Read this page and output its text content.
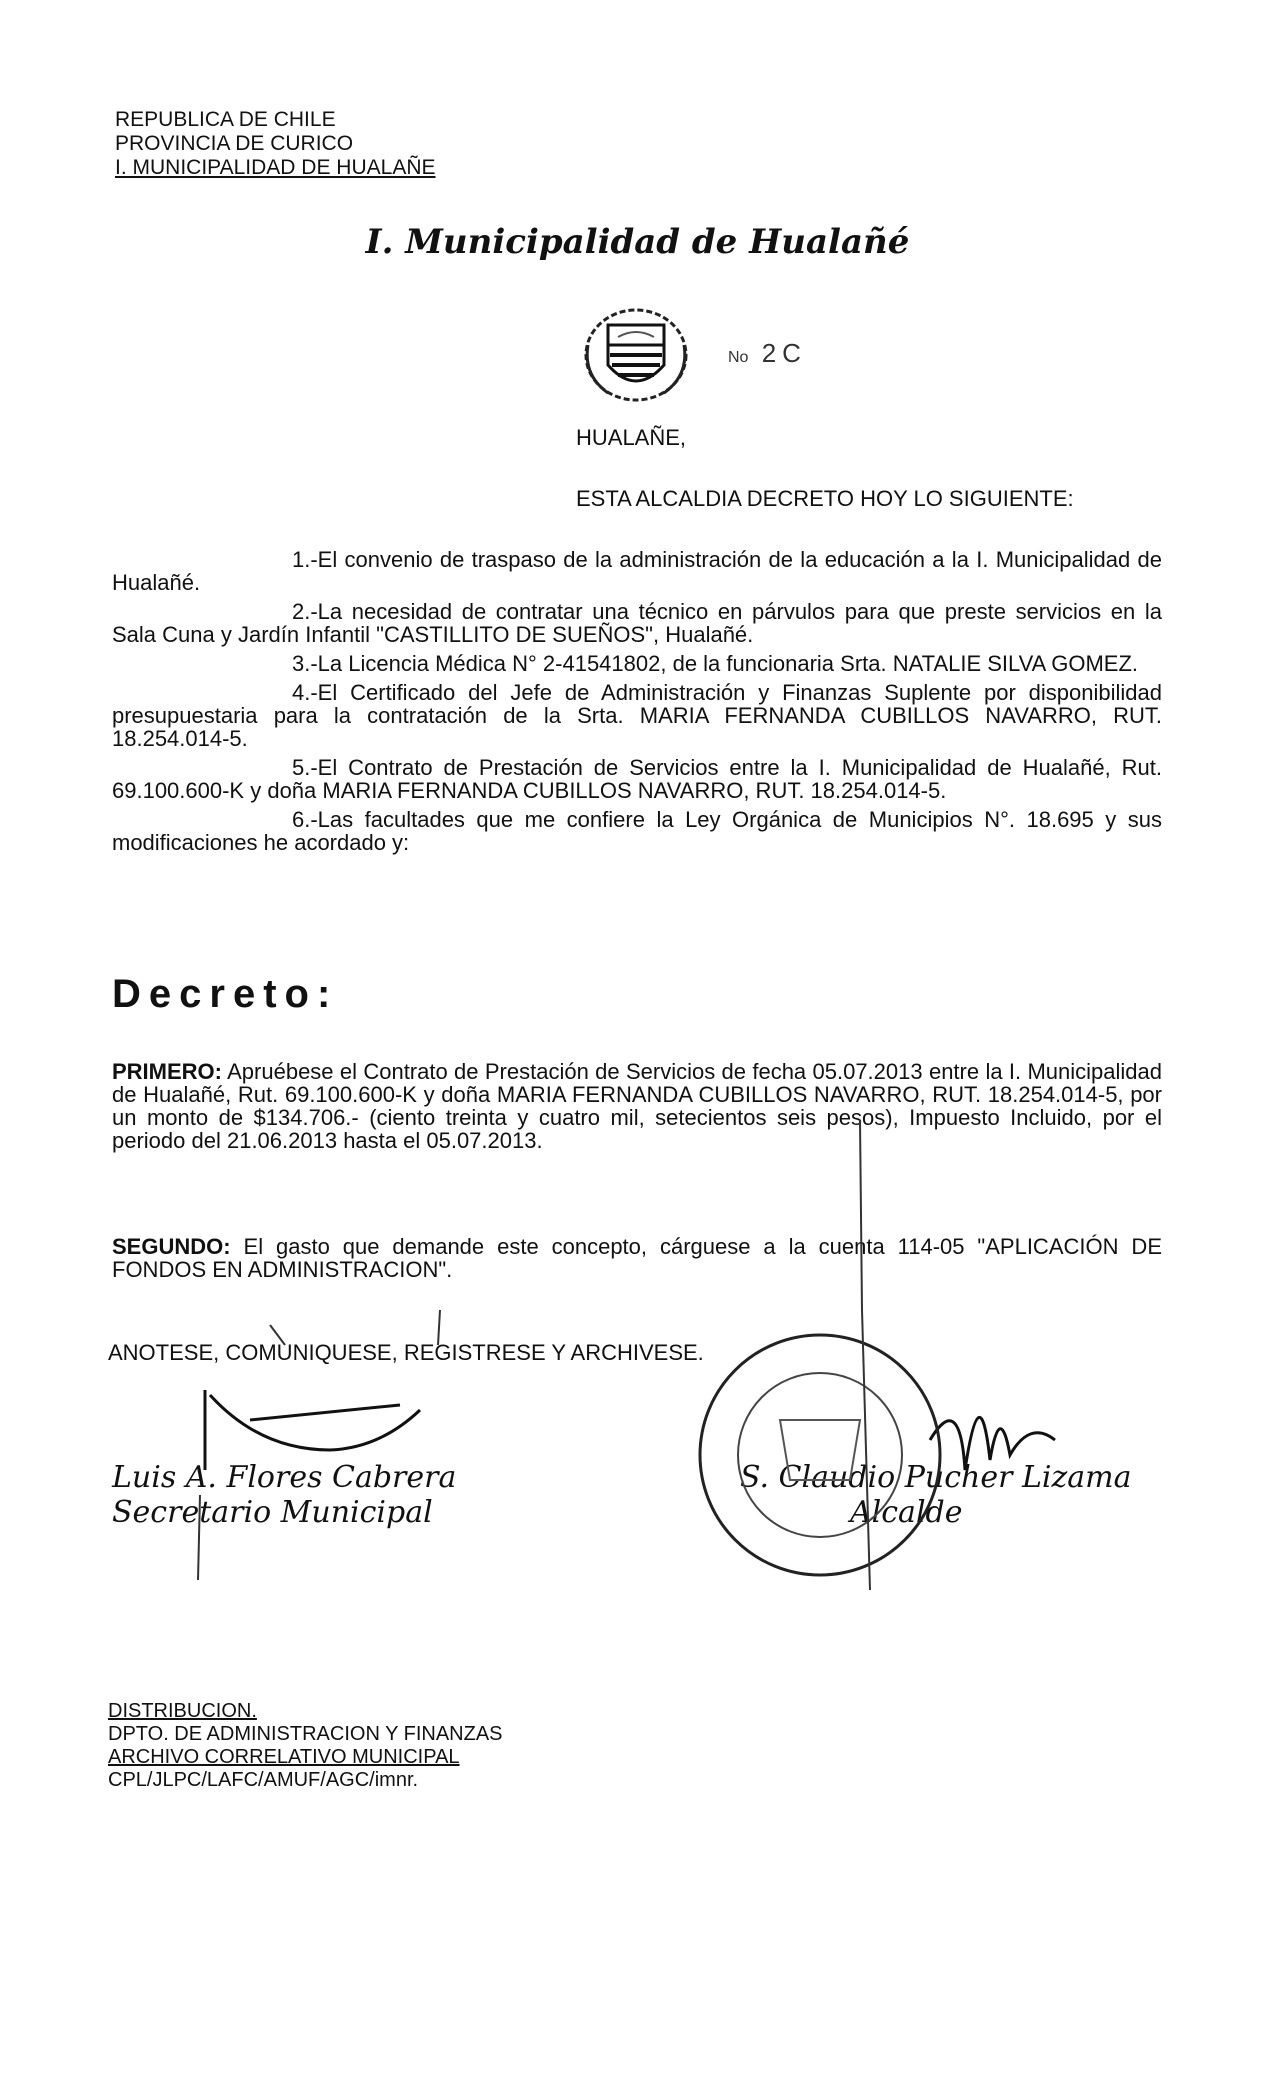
REPUBLICA DE CHILE
PROVINCIA DE CURICO
I. MUNICIPALIDAD DE HUALAÑE
I. Municipalidad de Hualañé
No 2C
HUALAÑE,
ESTA ALCALDIA DECRETO HOY LO SIGUIENTE:

1.-El convenio de traspaso de la administración de la educación a la I. Municipalidad de Hualañé.

2.-La necesidad de contratar una técnico en párvulos para que preste servicios en la Sala Cuna y Jardín Infantil "CASTILLITO DE SUEÑOS", Hualañé.

3.-La Licencia Médica N° 2-41541802, de la funcionaria Srta. NATALIE SILVA GOMEZ.

4.-El Certificado del Jefe de Administración y Finanzas Suplente por disponibilidad presupuestaria para la contratación de la Srta. MARIA FERNANDA CUBILLOS NAVARRO, RUT. 18.254.014-5.

5.-El Contrato de Prestación de Servicios entre la I. Municipalidad de Hualañé, Rut. 69.100.600-K y doña MARIA FERNANDA CUBILLOS NAVARRO, RUT. 18.254.014-5.

6.-Las facultades que me confiere la Ley Orgánica de Municipios N°. 18.695 y sus modificaciones he acordado y:

Decreto:
PRIMERO: Apruébese el Contrato de Prestación de Servicios de fecha 05.07.2013 entre la I. Municipalidad de Hualañé, Rut. 69.100.600-K y doña MARIA FERNANDA CUBILLOS NAVARRO, RUT. 18.254.014-5, por un monto de $134.706.- (ciento treinta y cuatro mil, setecientos seis pesos), Impuesto Incluido, por el periodo del 21.06.2013 hasta el 05.07.2013.
SEGUNDO: El gasto que demande este concepto, cárguese a la cuenta 114-05 "APLICACIÓN DE FONDOS EN ADMINISTRACION".
ANOTESE, COMUNIQUESE, REGISTRESE Y ARCHIVESE.
Luis A. Flores Cabrera
Secretario Municipal
S. Claudio Pucher Lizama
Alcalde
DISTRIBUCION.
DPTO. DE ADMINISTRACION Y FINANZAS
ARCHIVO CORRELATIVO MUNICIPAL
CPL/JLPC/LAFC/AMUF/AGC/imnr.
